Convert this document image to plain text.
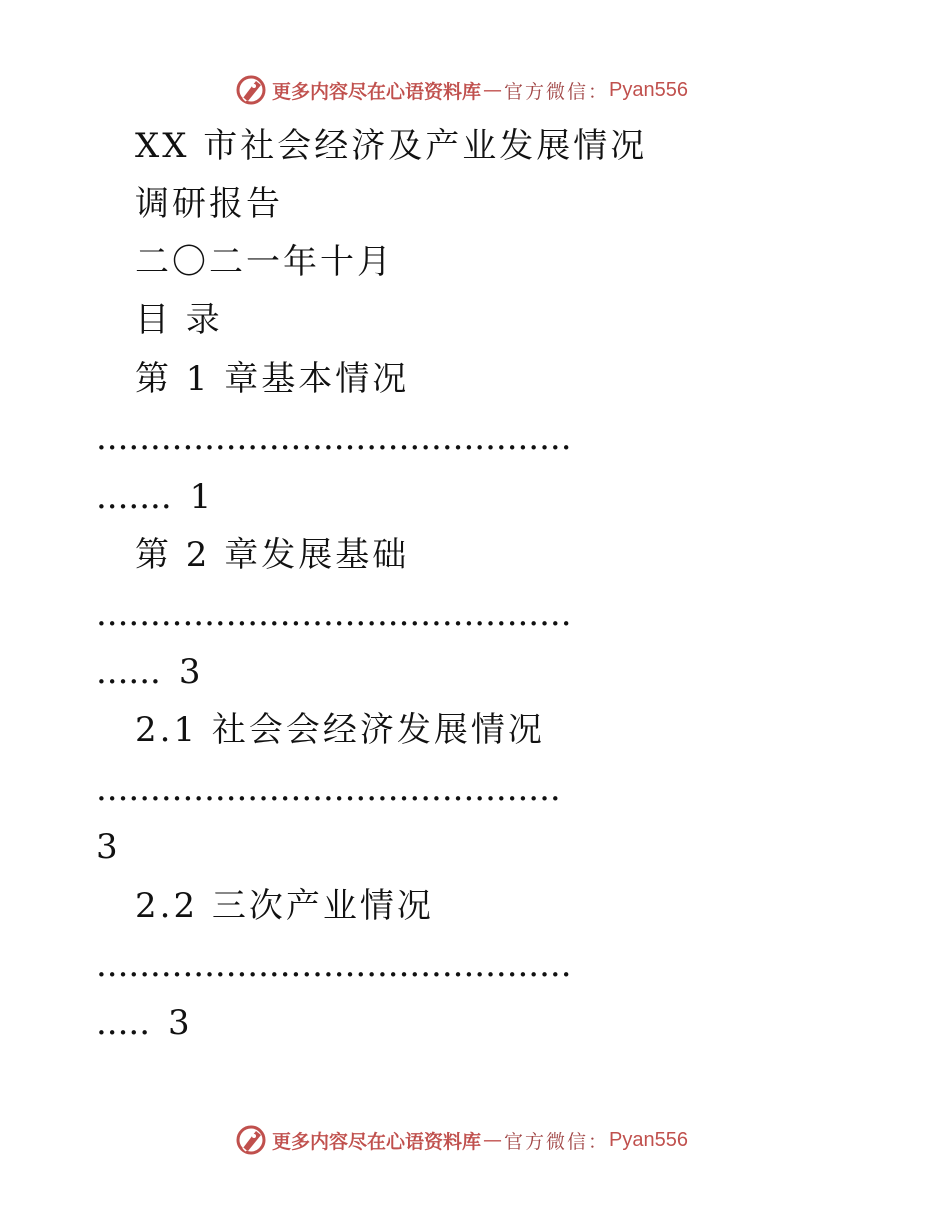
更多内容尽在心语资料库 — 官方微信： Pyan556
XX 市社会经济及产业发展情况
调研报告
二〇二一年十月
目 录
第 1 章基本情况
............................................
....... 1
第 2 章发展基础
............................................
...... 3
2.1 社会会经济发展情况
...........................................
3
2.2 三次产业情况
............................................
..... 3
更多内容尽在心语资料库 — 官方微信： Pyan556
